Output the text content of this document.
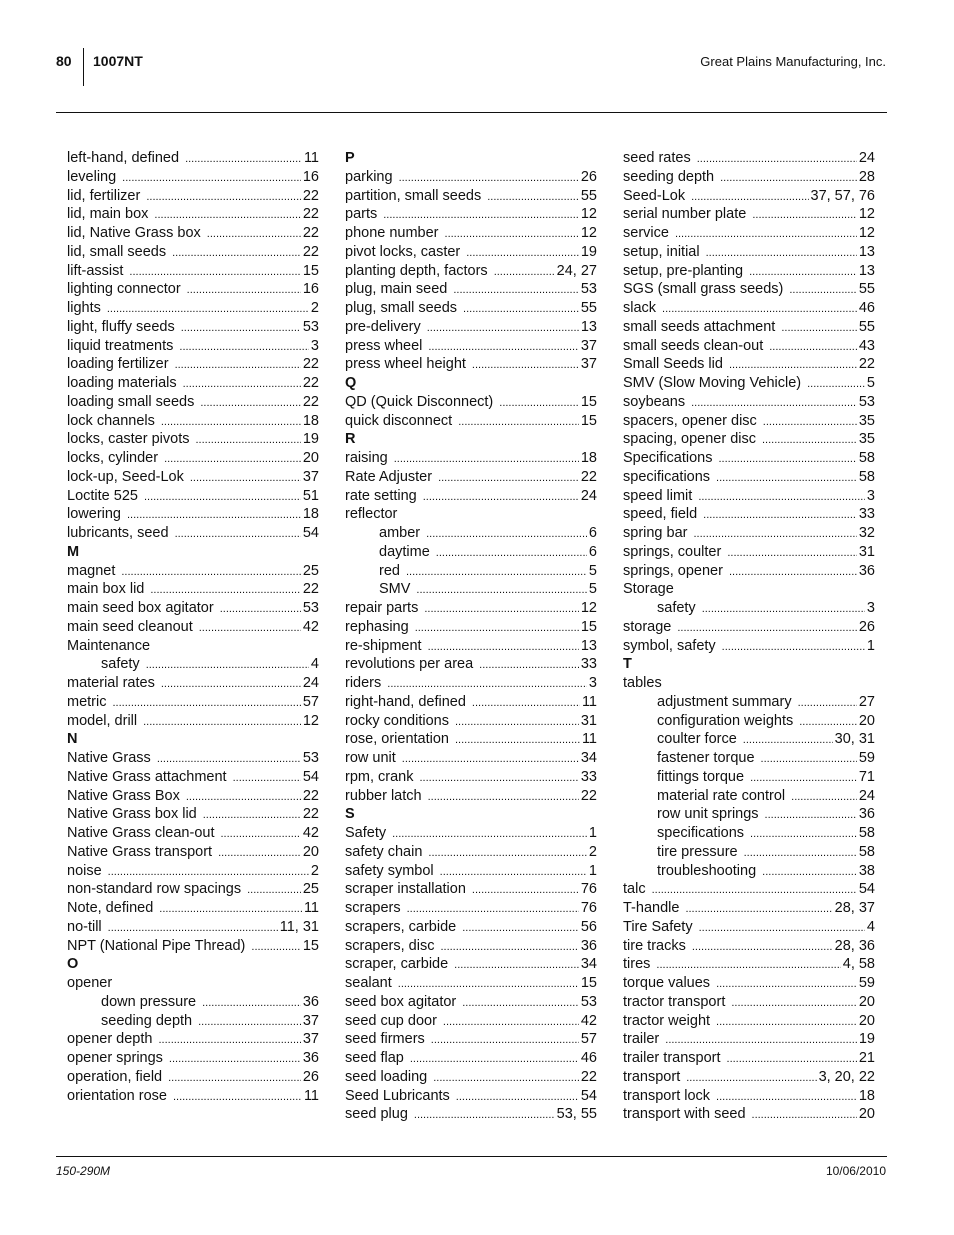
80 1007NT	Great Plains Manufacturing, Inc.
left-hand, defined .....	11
leveling .....	16
lid, fertilizer .....	22
lid, main box .....	22
lid, Native Grass box .....	22
lid, small seeds .....	22
lift-assist .....	15
lighting connector .....	16
lights .....	2
light, fluffy seeds .....	53
liquid treatments .....	3
loading fertilizer .....	22
loading materials .....	22
loading small seeds .....	22
lock channels .....	18
locks, caster pivots .....	19
locks, cylinder .....	20
lock-up, Seed-Lok .....	37
Loctite 525 .....	51
lowering .....	18
lubricants, seed .....	54
M
magnet .....	25
main box lid .....	22
main seed box agitator .....	53
main seed cleanout .....	42
Maintenance
safety .....	4
material rates .....	24
metric .....	57
model, drill .....	12
N
Native Grass .....	53
Native Grass attachment .....	54
Native Grass Box .....	22
Native Grass box lid .....	22
Native Grass clean-out .....	42
Native Grass transport .....	20
noise .....	2
non-standard row spacings .....	25
Note, defined .....	11
no-till .....	11, 31
NPT (National Pipe Thread) .....	15
O
opener
down pressure .....	36
seeding depth .....	37
opener depth .....	37
opener springs .....	36
operation, field .....	26
orientation rose .....	11
P
parking .....	26
partition, small seeds .....	55
parts .....	12
phone number .....	12
pivot locks, caster .....	19
planting depth, factors .....	24, 27
plug, main seed .....	53
plug, small seeds .....	55
pre-delivery .....	13
press wheel .....	37
press wheel height .....	37
Q
QD (Quick Disconnect) .....	15
quick disconnect .....	15
R
raising .....	18
Rate Adjuster .....	22
rate setting .....	24
reflector
amber .....	6
daytime .....	6
red .....	5
SMV .....	5
repair parts .....	12
rephasing .....	15
re-shipment .....	13
revolutions per area .....	33
riders .....	3
right-hand, defined .....	11
rocky conditions .....	31
rose, orientation .....	11
row unit .....	34
rpm, crank .....	33
rubber latch .....	22
S
Safety .....	1
safety chain .....	2
safety symbol .....	1
scraper installation .....	76
scrapers .....	76
scrapers, carbide .....	56
scrapers, disc .....	36
scraper, carbide .....	34
sealant .....	15
seed box agitator .....	53
seed cup door .....	42
seed firmers .....	57
seed flap .....	46
seed loading .....	22
Seed Lubricants .....	54
seed plug .....	53, 55
seed rates .....	24
seeding depth .....	28
Seed-Lok .....	37, 57, 76
serial number plate .....	12
service .....	12
setup, initial .....	13
setup, pre-planting .....	13
SGS (small grass seeds) .....	55
slack .....	46
small seeds attachment .....	55
small seeds clean-out .....	43
Small Seeds lid .....	22
SMV (Slow Moving Vehicle) .....	5
soybeans .....	53
spacers, opener disc .....	35
spacing, opener disc .....	35
Specifications .....	58
specifications .....	58
speed limit .....	3
speed, field .....	33
spring bar .....	32
springs, coulter .....	31
springs, opener .....	36
Storage
safety .....	3
storage .....	26
symbol, safety .....	1
T
tables
adjustment summary .....	27
configuration weights .....	20
coulter force .....	30, 31
fastener torque .....	59
fittings torque .....	71
material rate control .....	24
row unit springs .....	36
specifications .....	58
tire pressure .....	58
troubleshooting .....	38
talc .....	54
T-handle .....	28, 37
Tire Safety .....	4
tire tracks .....	28, 36
tires .....	4, 58
torque values .....	59
tractor transport .....	20
tractor weight .....	20
trailer .....	19
trailer transport .....	21
transport .....	3, 20, 22
transport lock .....	18
transport with seed .....	20
150-290M	10/06/2010
